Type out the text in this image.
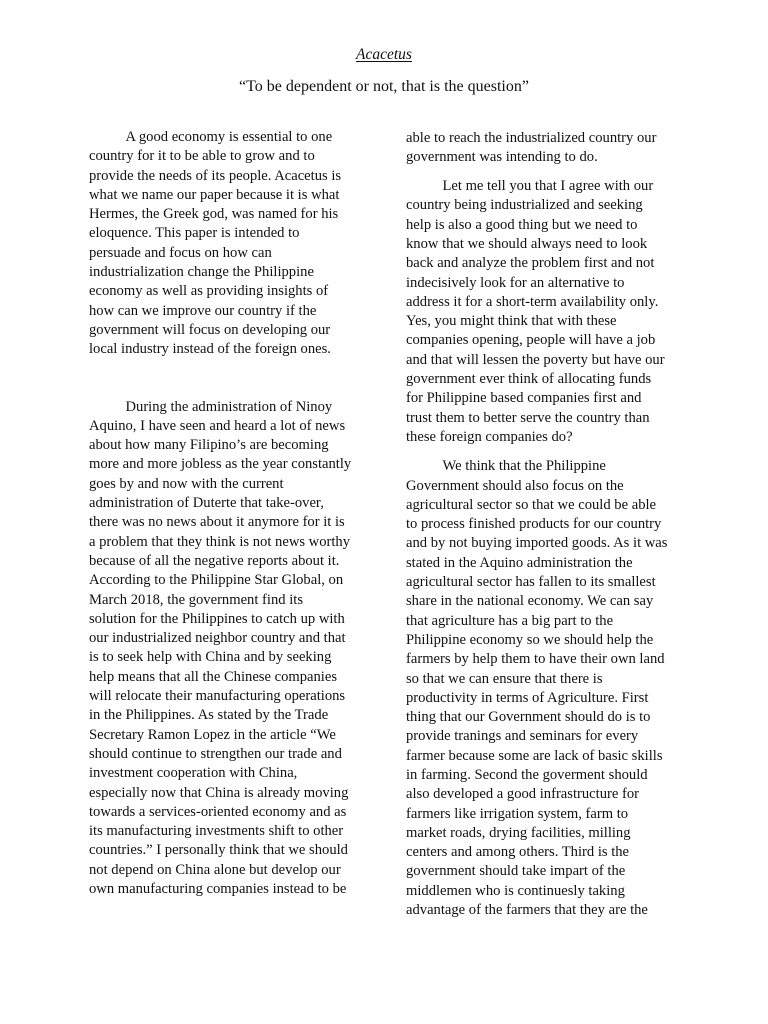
Acacetus
“To be dependent or not, that is the question”
A good economy is essential to one
country for it to be able to grow and to
provide the needs of its people. Acacetus is
what we name our paper because it is what
Hermes, the Greek god, was named for his
eloquence. This paper is intended to
persuade and focus on how can
industrialization change the Philippine
economy as well as providing insights of
how can we improve our country if the
government will focus on developing our
local industry instead of the foreign ones.
During the administration of Ninoy
Aquino, I have seen and heard a lot of news
about how many Filipino’s are becoming
more and more jobless as the year constantly
goes by and now with the current
administration of Duterte that take-over,
there was no news about it anymore for it is
a problem that they think is not news worthy
because of all the negative reports about it.
According to the Philippine Star Global, on
March 2018, the government find its
solution for the Philippines to catch up with
our industrialized neighbor country and that
is to seek help with China and by seeking
help means that all the Chinese companies
will relocate their manufacturing operations
in the Philippines. As stated by the Trade
Secretary Ramon Lopez in the article “We
should continue to strengthen our trade and
investment cooperation with China,
especially now that China is already moving
towards a services-oriented economy and as
its manufacturing investments shift to other
countries.” I personally think that we should
not depend on China alone but develop our
own manufacturing companies instead to be
able to reach the industrialized country our
government was intending to do.
Let me tell you that I agree with our
country being industrialized and seeking
help is also a good thing but we need to
know that we should always need to look
back and analyze the problem first and not
indecisively look for an alternative to
address it for a short-term availability only.
Yes, you might think that with these
companies opening, people will have a job
and that will lessen the poverty but have our
government ever think of allocating funds
for Philippine based companies first and
trust them to better serve the country than
these foreign companies do?
We think that the Philippine
Government should also focus on the
agricultural sector so that we could be able
to process finished products for our country
and by not buying imported goods. As it was
stated in the Aquino administration the
agricultural sector has fallen to its smallest
share in the national economy. We can say
that agriculture has a big part to the
Philippine economy so we should help the
farmers by help them to have their own land
so that we can ensure that there is
productivity in terms of Agriculture. First
thing that our Government should do is to
provide tranings and seminars for every
farmer because some are lack of basic skills
in farming. Second the goverment should
also developed a good infrastructure for
farmers like irrigation system, farm to
market roads, drying facilities, milling
centers and among others. Third is the
government should take impart of the
middlemen who is continuesly taking
advantage of the farmers that they are the
